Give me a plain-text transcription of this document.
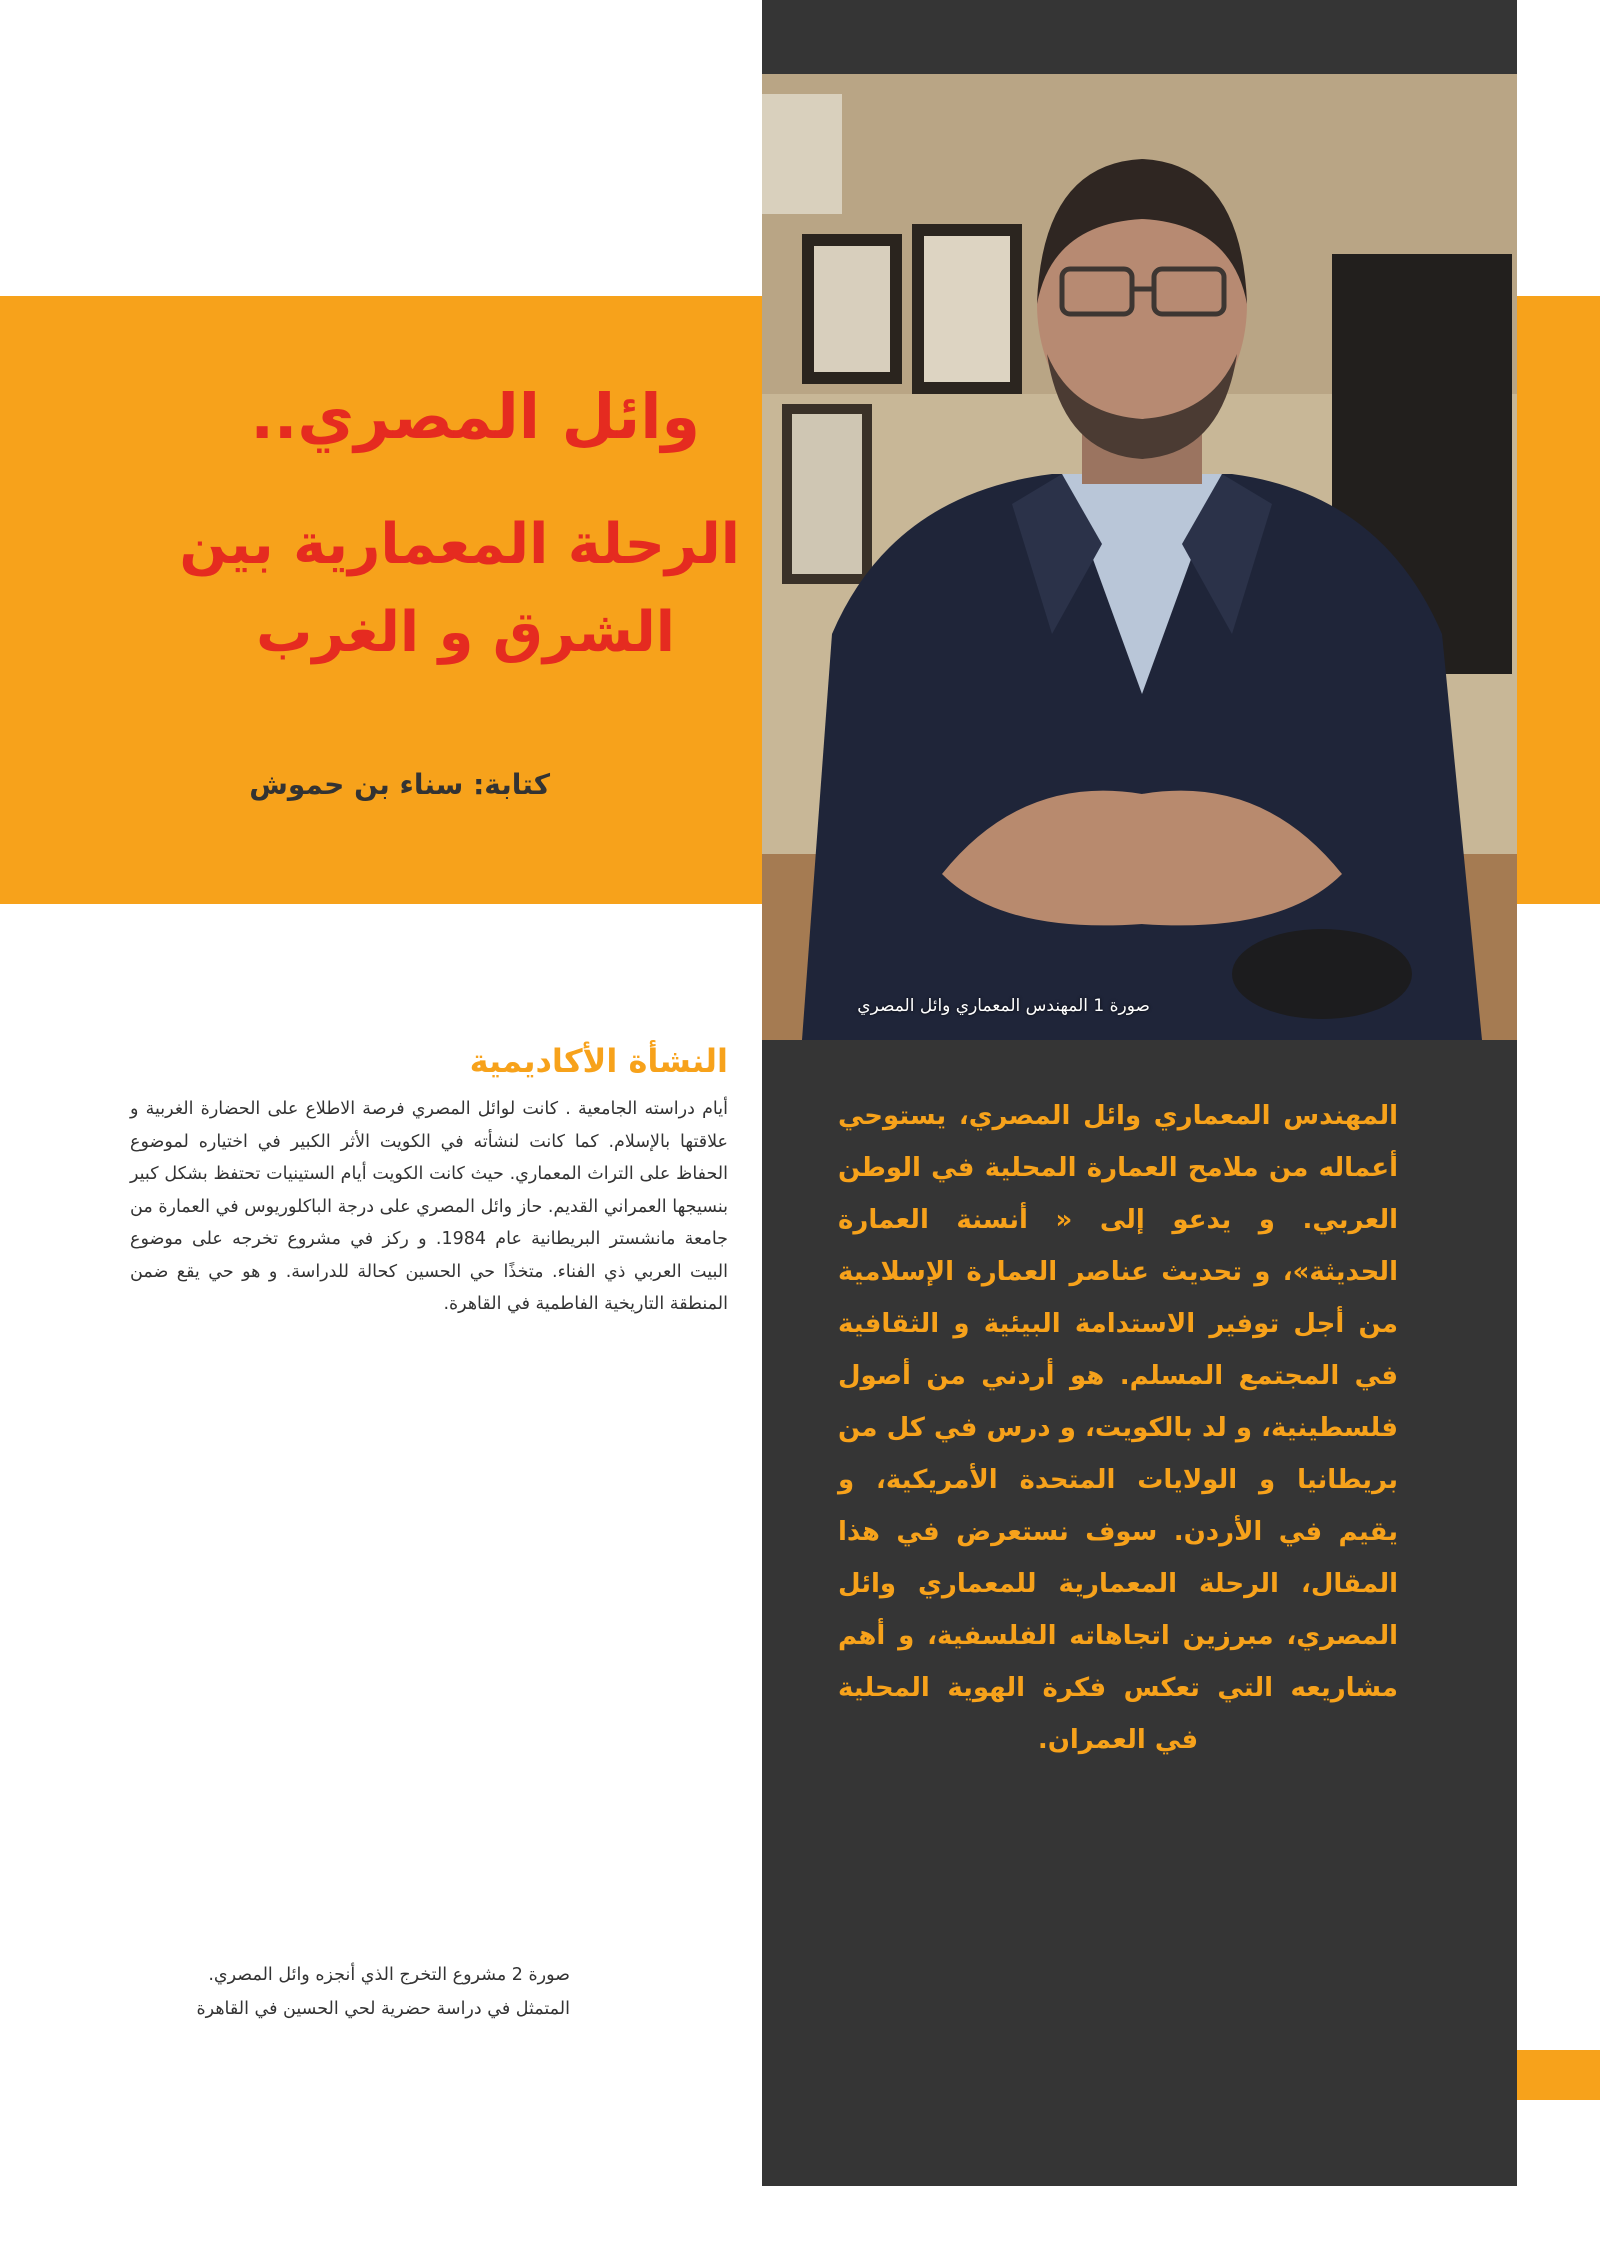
صورة 1 المهندس المعماري وائل المصري
وائل المصري..
الرحلة المعمارية بين
الشرق و الغرب
كتابة: سناء بن حموش
النشأة الأكاديمية
أيام دراسته الجامعية . كانت لوائل المصري فرصة الاطلاع على الحضارة الغربية و علاقتها بالإسلام. كما كانت لنشأته في الكويت الأثر الكبير في اختياره لموضوع الحفاظ على التراث المعماري. حيث كانت الكويت أيام الستينيات تحتفظ بشكل كبير بنسيجها العمراني القديم. حاز وائل المصري على درجة الباكلوريوس في العمارة من جامعة مانشستر البريطانية عام 1984. و ركز في مشروع تخرجه على موضوع البيت العربي ذي الفناء. متخذًا حي الحسين كحالة للدراسة. و هو حي يقع ضمن المنطقة التاريخية الفاطمية في القاهرة.
صورة 2 مشروع التخرج الذي أنجزه وائل المصري.
المتمثل في دراسة حضرية لحي الحسين في القاهرة
المهندس المعماري وائل المصري، يستوحي أعماله من ملامح العمارة المحلية في الوطن العربي. و يدعو إلى « أنسنة العمارة الحديثة»، و تحديث عناصر العمارة الإسلامية من أجل توفير الاستدامة البيئية و الثقافية في المجتمع المسلم. هو أردني من أصول فلسطينية، و لد بالكويت، و درس في كل من بريطانيا و الولايات المتحدة الأمريكية، و يقيم في الأردن. سوف نستعرض في هذا المقال، الرحلة المعمارية للمعماري وائل المصري، مبرزين اتجاهاته الفلسفية، و أهم مشاريعه التي تعكس فكرة الهوية المحلية في العمران.
